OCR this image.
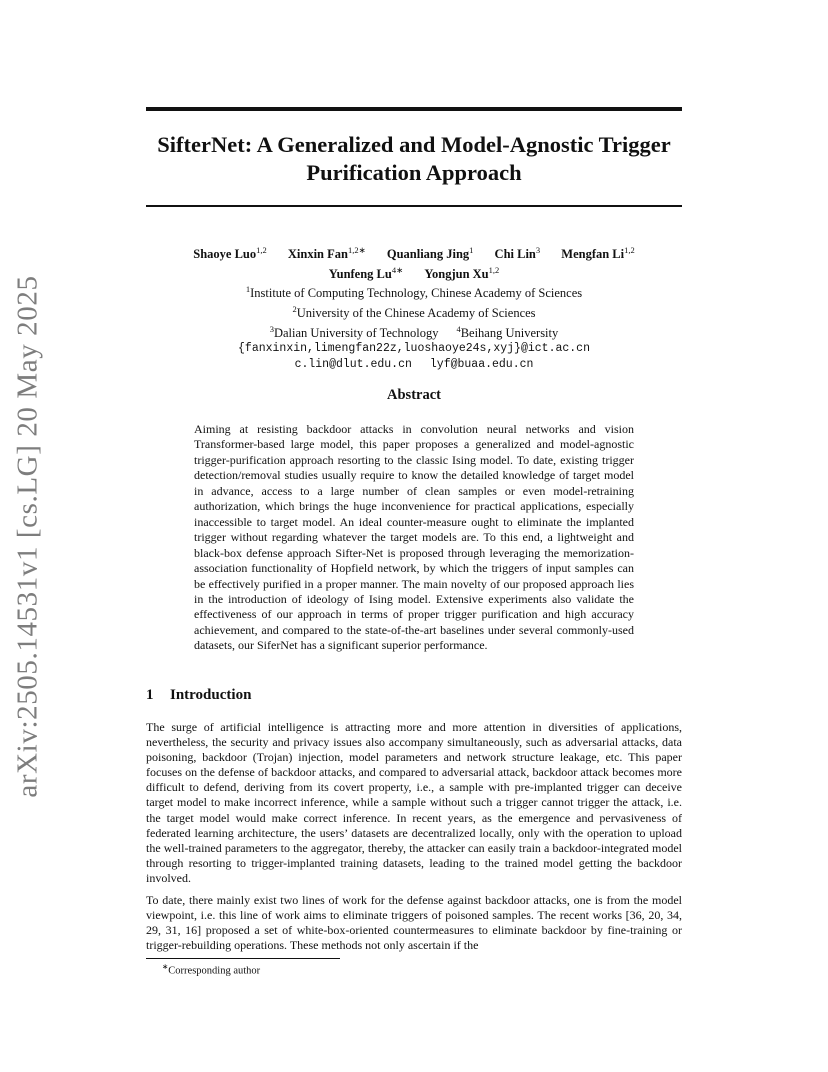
arXiv:2505.14531v1 [cs.LG] 20 May 2025
SifterNet: A Generalized and Model-Agnostic Trigger Purification Approach
Shaoye Luo$^{1,2}$ Xinxin Fan$^{1,2∗}$ Quanliang Jing$^1$ Chi Lin$^3$ Mengfan Li$^{1,2}$
Yunfeng $Lu^{4∗}$ Yongjun Xu$^{1,2}$
$^1$Institute of Computing Technology, Chinese Academy of Sciences
$^2$University of the Chinese Academy of Sciences
$^3$Dalian University of Technology $^4$Beihang University
{fanxinxin,limengfan22z,luoshaoye24s,xyj}@ict.ac.cn
c.lin@dlut.edu.cn lyf@buaa.edu.cn
Abstract

Aiming at resisting backdoor attacks in convolution neural networks and vision Transformer-based large model, this paper proposes a generalized and model-agnostic trigger-purification approach resorting to the classic Ising model. To date, existing trigger detection/removal studies usually require to know the detailed knowledge of target model in advance, access to a large number of clean samples or even model-retraining authorization, which brings the huge inconvenience for practical applications, especially inaccessible to target model. An ideal counter-measure ought to eliminate the implanted trigger without regarding whatever the target models are. To this end, a lightweight and black-box defense approach Sifter-Net is proposed through leveraging the memorization-association functionality of Hopfield network, by which the triggers of input samples can be effectively purified in a proper manner. The main novelty of our proposed approach lies in the introduction of ideology of Ising model. Extensive experiments also validate the effectiveness of our approach in terms of proper trigger purification and high accuracy achievement, and compared to the state-of-the-art baselines under several commonly-used datasets, our SiferNet has a significant superior performance.

1 Introduction

The surge of artificial intelligence is attracting more and more attention in diversities of applications, nevertheless, the security and privacy issues also accompany simultaneously, such as adversarial attacks, data poisoning, backdoor (Trojan) injection, model parameters and network structure leakage, etc. This paper focuses on the defense of backdoor attacks, and compared to adversarial attack, backdoor attack becomes more difficult to defend, deriving from its covert property, i.e., a sample with pre-implanted trigger can deceive target model to make incorrect inference, while a sample without such a trigger cannot trigger the attack, i.e. the target model would make correct inference. In recent years, as the emergence and pervasiveness of federated learning architecture, the users’ datasets are decentralized locally, only with the operation to upload the well-trained parameters to the aggregator, thereby, the attacker can easily train a backdoor-integrated model through resorting to trigger-implanted training datasets, leading to the trained model getting the backdoor involved.

To date, there mainly exist two lines of work for the defense against backdoor attacks, one is from the model viewpoint, i.e. this line of work aims to eliminate triggers of poisoned samples. The recent works [36, 20, 34, 29, 31, 16] proposed a set of white-box-oriented countermeasures to eliminate backdoor by fine-training or trigger-rebuilding operations. These methods not only ascertain if the

∗Corresponding author
